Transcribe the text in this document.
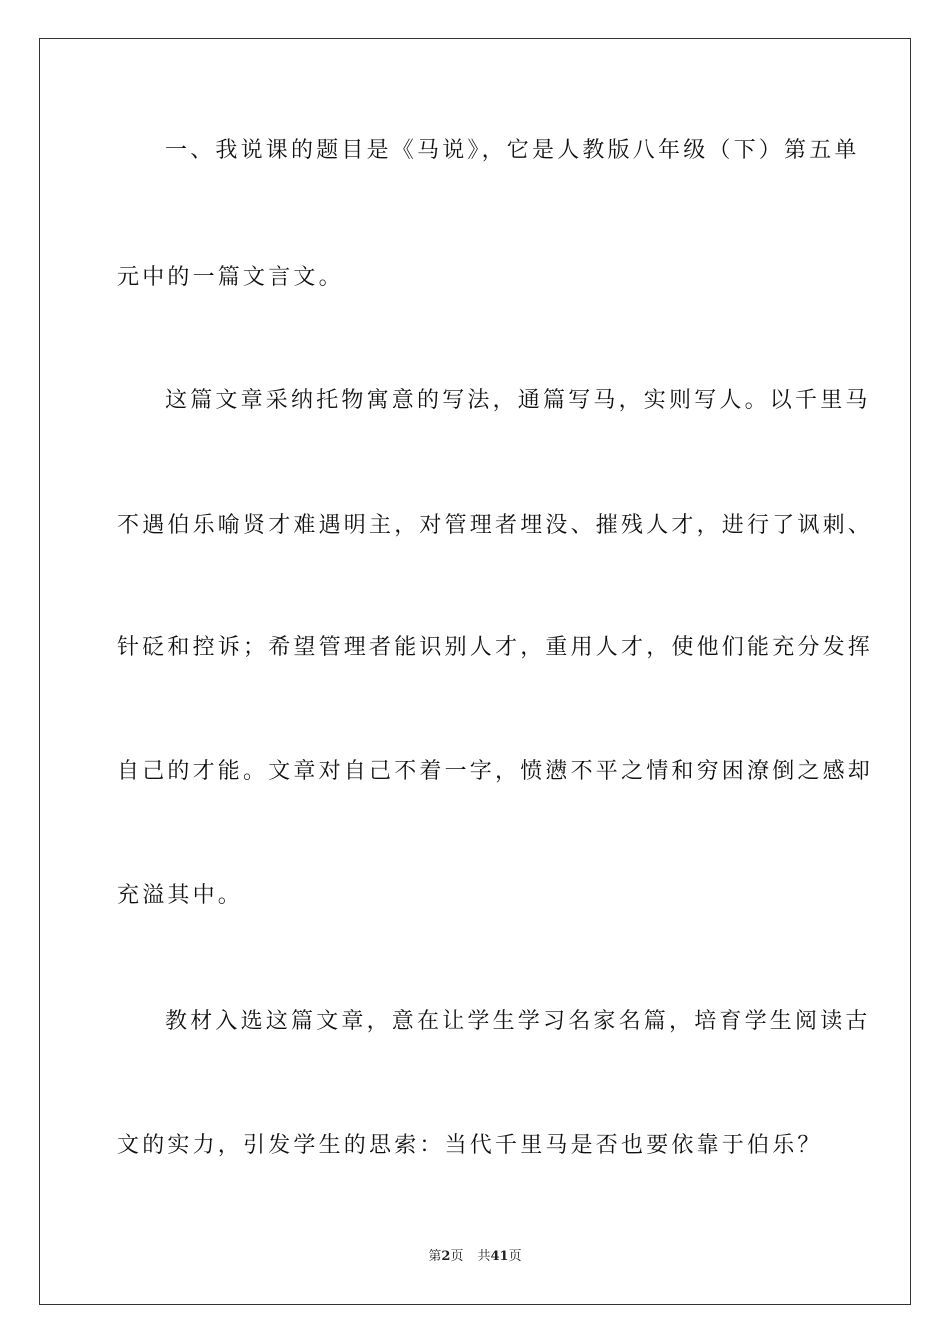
一、我说课的题目是《马说》，它是人教版八年级（下）第五单
元中的一篇文言文。
这篇文章采纳托物寓意的写法，通篇写马，实则写人。以千里马
不遇伯乐喻贤才难遇明主，对管理者埋没、摧残人才，进行了讽刺、
针砭和控诉；希望管理者能识别人才，重用人才，使他们能充分发挥
自己的才能。文章对自己不着一字，愤懑不平之情和穷困潦倒之感却
充溢其中。
教材入选这篇文章，意在让学生学习名家名篇，培育学生阅读古
文的实力，引发学生的思索：当代千里马是否也要依靠于伯乐？
第2页 共41页
